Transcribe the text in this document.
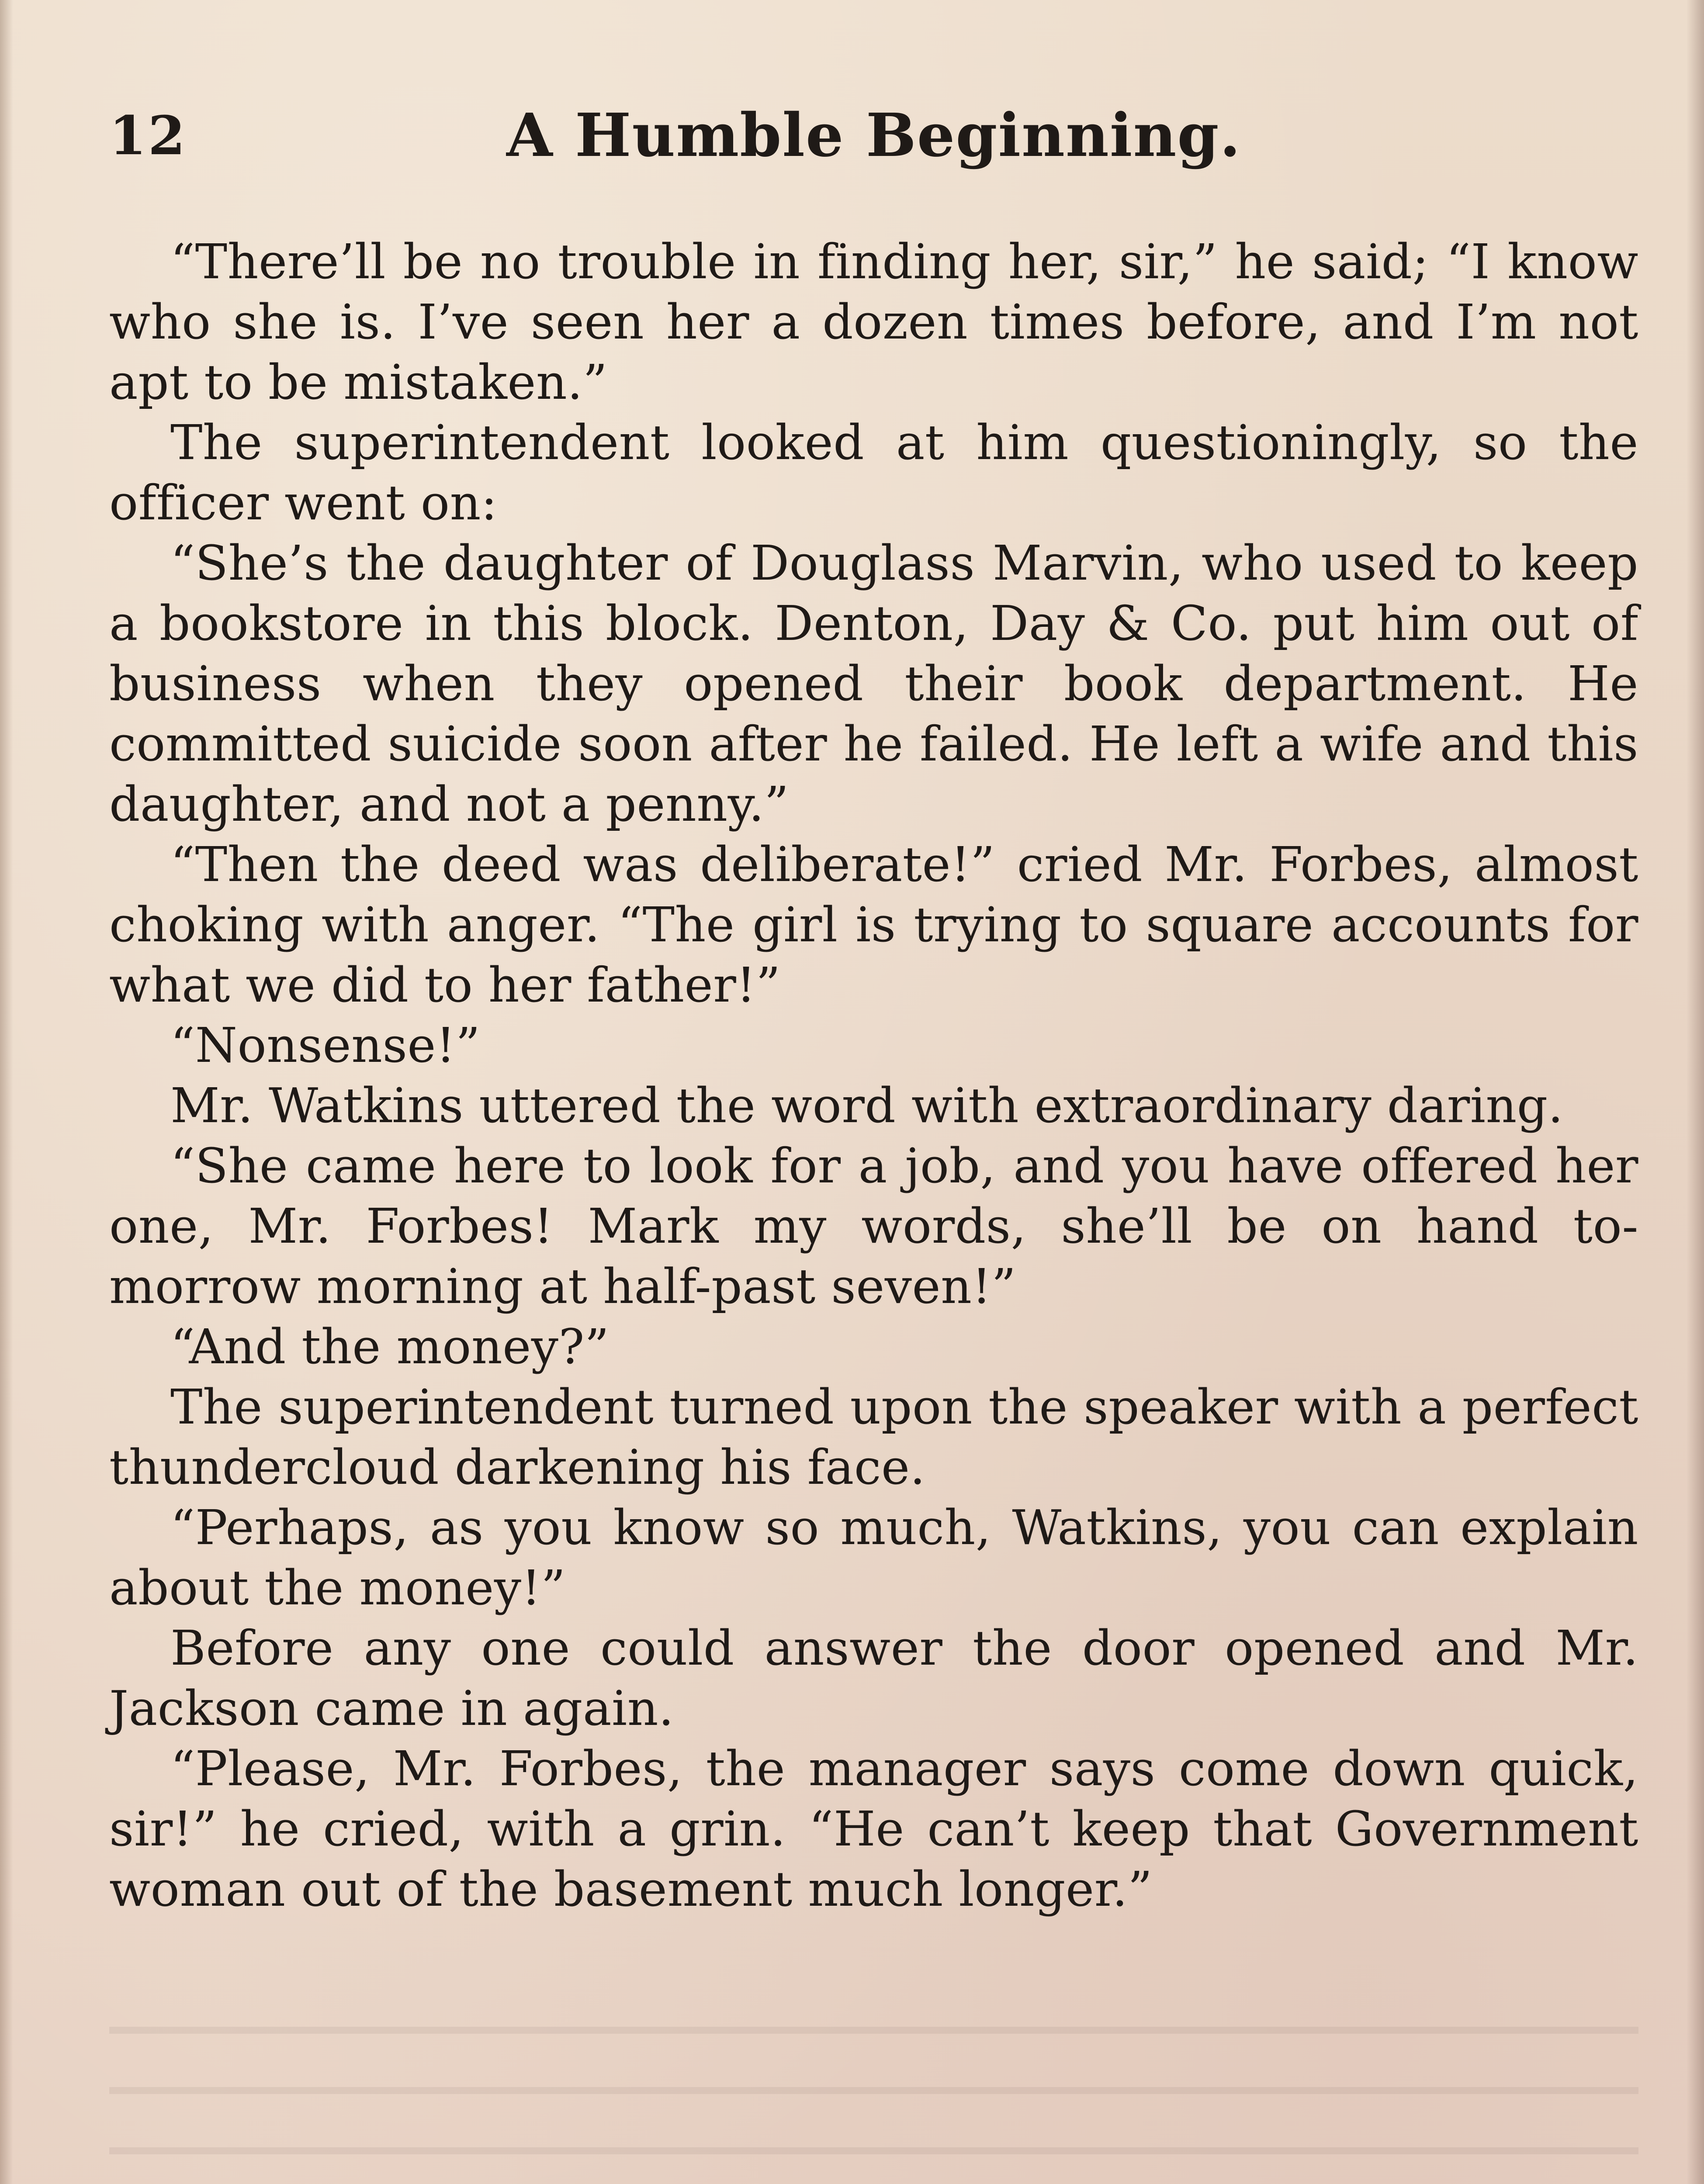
12	A Humble Beginning.

“There’ll be no trouble in finding her, sir,” he said; “I know who she is. I’ve seen her a dozen times before, and I’m not apt to be mistaken.”

The superintendent looked at him questioningly, so the officer went on:

“She’s the daughter of Douglass Marvin, who used to keep a bookstore in this block. Denton, Day & Co. put him out of business when they opened their book department. He committed suicide soon after he failed. He left a wife and this daughter, and not a penny.”

“Then the deed was deliberate!” cried Mr. Forbes, almost choking with anger. “The girl is trying to square accounts for what we did to her father!”

“Nonsense!”

Mr. Watkins uttered the word with extraordinary daring.

“She came here to look for a job, and you have offered her one, Mr. Forbes! Mark my words, she’ll be on hand to-morrow morning at half-past seven!”

“And the money?”

The superintendent turned upon the speaker with a perfect thundercloud darkening his face.

“Perhaps, as you know so much, Watkins, you can explain about the money!”

Before any one could answer the door opened and Mr. Jackson came in again.

“Please, Mr. Forbes, the manager says come down quick, sir!” he cried, with a grin. “He can’t keep that Government woman out of the basement much longer.”
